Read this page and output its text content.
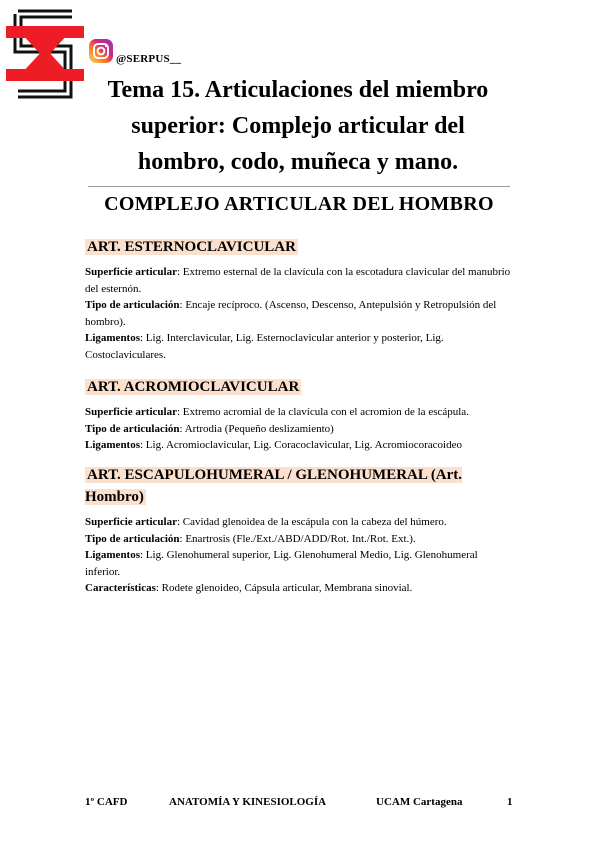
@SERPUS__
Tema 15. Articulaciones del miembro
superior: Complejo articular del
hombro, codo, muñeca y mano.
COMPLEJO ARTICULAR DEL HOMBRO
ART. ESTERNOCLAVICULAR

Superficie articular: Extremo esternal de la clavícula con la escotadura clavicular del manubrio del esternón.

Tipo de articulación: Encaje recíproco. (Ascenso, Descenso, Antepulsión y Retropulsión del hombro).

Ligamentos: Lig. Interclavicular, Lig. Esternoclavicular anterior y posterior, Lig. Costoclaviculares.

ART. ACROMIOCLAVICULAR

Superficie articular: Extremo acromial de la clavícula con el acromion de la escápula.

Tipo de articulación: Artrodia (Pequeño deslizamiento)

Ligamentos: Lig. Acromioclavicular, Lig. Coracoclavicular, Lig. Acromiocoracoideo

ART. ESCAPULOHUMERAL / GLENOHUMERAL (Art. Hombro)

Superficie articular: Cavidad glenoidea de la escápula con la cabeza del húmero.

Tipo de articulación: Enartrosis (Fle./Ext./ABD/ADD/Rot. Int./Rot. Ext.).

Ligamentos: Lig. Glenohumeral superior, Lig. Glenohumeral Medio, Lig. Glenohumeral inferior.

Características: Rodete glenoideo, Cápsula articular, Membrana sinovial.

1º CAFD	ANATOMÍA Y KINESIOLOGÍA	UCAM Cartagena	1
